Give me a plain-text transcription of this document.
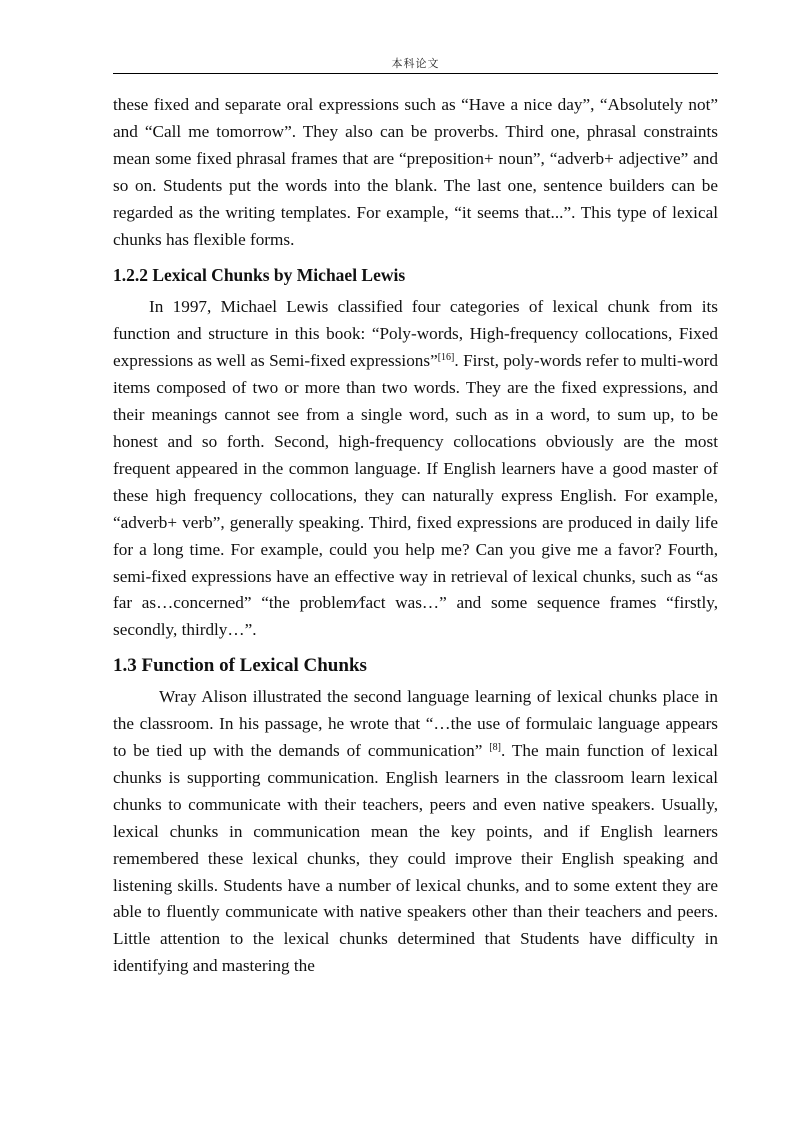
本科论文

these fixed and separate oral expressions such as “Have a nice day”, “Absolutely not” and “Call me tomorrow”. They also can be proverbs. Third one, phrasal constraints mean some fixed phrasal frames that are “preposition+ noun”, “adverb+ adjective” and so on. Students put the words into the blank. The last one, sentence builders can be regarded as the writing templates. For example, “it seems that...”. This type of lexical chunks has flexible forms.

1.2.2 Lexical Chunks by Michael Lewis

In 1997, Michael Lewis classified four categories of lexical chunk from its function and structure in this book: “Poly-words, High-frequency collocations, Fixed expressions as well as Semi-fixed expressions”[16]. First, poly-words refer to multi-word items composed of two or more than two words. They are the fixed expressions, and their meanings cannot see from a single word, such as in a word, to sum up, to be honest and so forth. Second, high-frequency collocations obviously are the most frequent appeared in the common language. If English learners have a good master of these high frequency collocations, they can naturally express English. For example, “adverb+ verb”, generally speaking. Third, fixed expressions are produced in daily life for a long time. For example, could you help me? Can you give me a favor? Fourth, semi-fixed expressions have an effective way in retrieval of lexical chunks, such as “as far as…concerned” “the problem∕fact was…” and some sequence frames “firstly, secondly, thirdly…”.

1.3 Function of Lexical Chunks

Wray Alison illustrated the second language learning of lexical chunks place in the classroom. In his passage, he wrote that “…the use of formulaic language appears to be tied up with the demands of communication” [8]. The main function of lexical chunks is supporting communication. English learners in the classroom learn lexical chunks to communicate with their teachers, peers and even native speakers. Usually, lexical chunks in communication mean the key points, and if English learners remembered these lexical chunks, they could improve their English speaking and listening skills. Students have a number of lexical chunks, and to some extent they are able to fluently communicate with native speakers other than their teachers and peers. Little attention to the lexical chunks determined that Students have difficulty in identifying and mastering the
